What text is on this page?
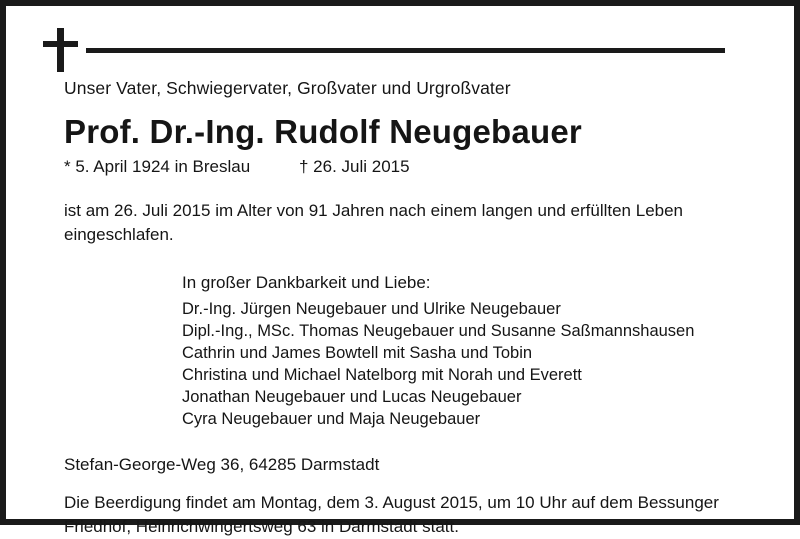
Unser Vater, Schwiegervater, Großvater und Urgroßvater
Prof. Dr.-Ing. Rudolf Neugebauer
* 5. April 1924 in Breslau	† 26. Juli 2015
ist am 26. Juli 2015 im Alter von 91 Jahren nach einem langen und erfüllten Leben eingeschlafen.
In großer Dankbarkeit und Liebe:
Dr.-Ing. Jürgen Neugebauer und Ulrike Neugebauer
Dipl.-Ing., MSc. Thomas Neugebauer und Susanne Saßmannshausen
Cathrin und James Bowtell mit Sasha und Tobin
Christina und Michael Natelborg mit Norah und Everett
Jonathan Neugebauer und Lucas Neugebauer
Cyra Neugebauer und Maja Neugebauer
Stefan-George-Weg 36, 64285 Darmstadt
Die Beerdigung findet am Montag, dem 3. August 2015, um 10 Uhr auf dem Bessunger Friedhof, Heinrichwingertsweg 63 in Darmstadt statt.
